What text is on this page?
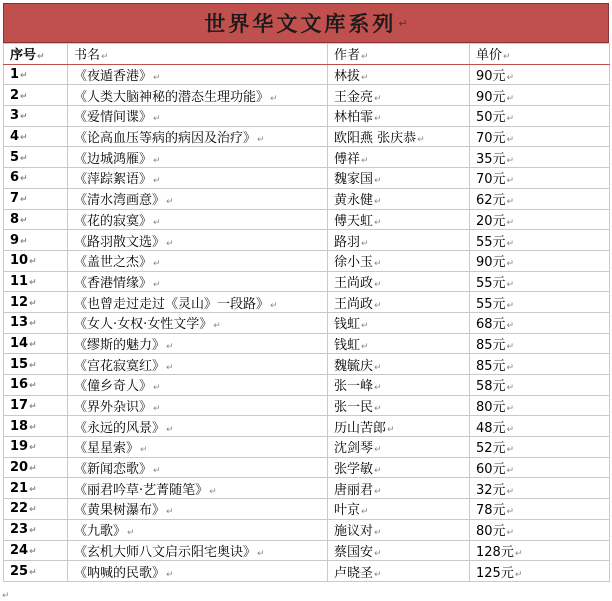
世界华文文库系列 ↵
序号↵	书名↵	作者↵	单价↵
1↵	《夜遁香港》↵	林拔↵	90元↵
2↵	《人类大脑神秘的潜态生理功能》↵	王金亮↵	90元↵
3↵	《爱情间谍》↵	林柏霏↵	50元↵
4↵	《论高血压等病的病因及治疗》↵	欧阳燕 张庆恭↵	70元↵
5↵	《边城鸿雁》↵	傅祥↵	35元↵
6↵	《萍踪絮语》↵	魏家国↵	70元↵
7↵	《清水湾画意》↵	黄永健↵	62元↵
8↵	《花的寂寞》↵	傅天虹↵	20元↵
9↵	《路羽散文选》↵	路羽↵	55元↵
10↵	《盖世之杰》↵	徐小玉↵	90元↵
11↵	《香港情缘》↵	王尚政↵	55元↵
12↵	《也曾走过走过《灵山》一段路》↵	王尚政↵	55元↵
13↵	《女人·女权·女性文学》↵	钱虹↵	68元↵
14↵	《缪斯的魅力》↵	钱虹↵	85元↵
15↵	《宫花寂寞红》↵	魏毓庆↵	85元↵
16↵	《僮乡奇人》↵	张一峰↵	58元↵
17↵	《界外杂识》↵	张一民↵	80元↵
18↵	《永远的风景》↵	历山苦郎↵	48元↵
19↵	《星星索》↵	沈剑琴↵	52元↵
20↵	《新闻恋歌》↵	张学敏↵	60元↵
21↵	《丽君吟草·艺菁随笔》↵	唐丽君↵	32元↵
22↵	《黄果树瀑布》↵	叶京↵	78元↵
23↵	《九歌》↵	施议对↵	80元↵
24↵	《玄机大师八文启示阳宅奥诀》↵	蔡国安↵	128元↵
25↵	《呐喊的民歌》↵	卢晓圣↵	125元↵
↵
